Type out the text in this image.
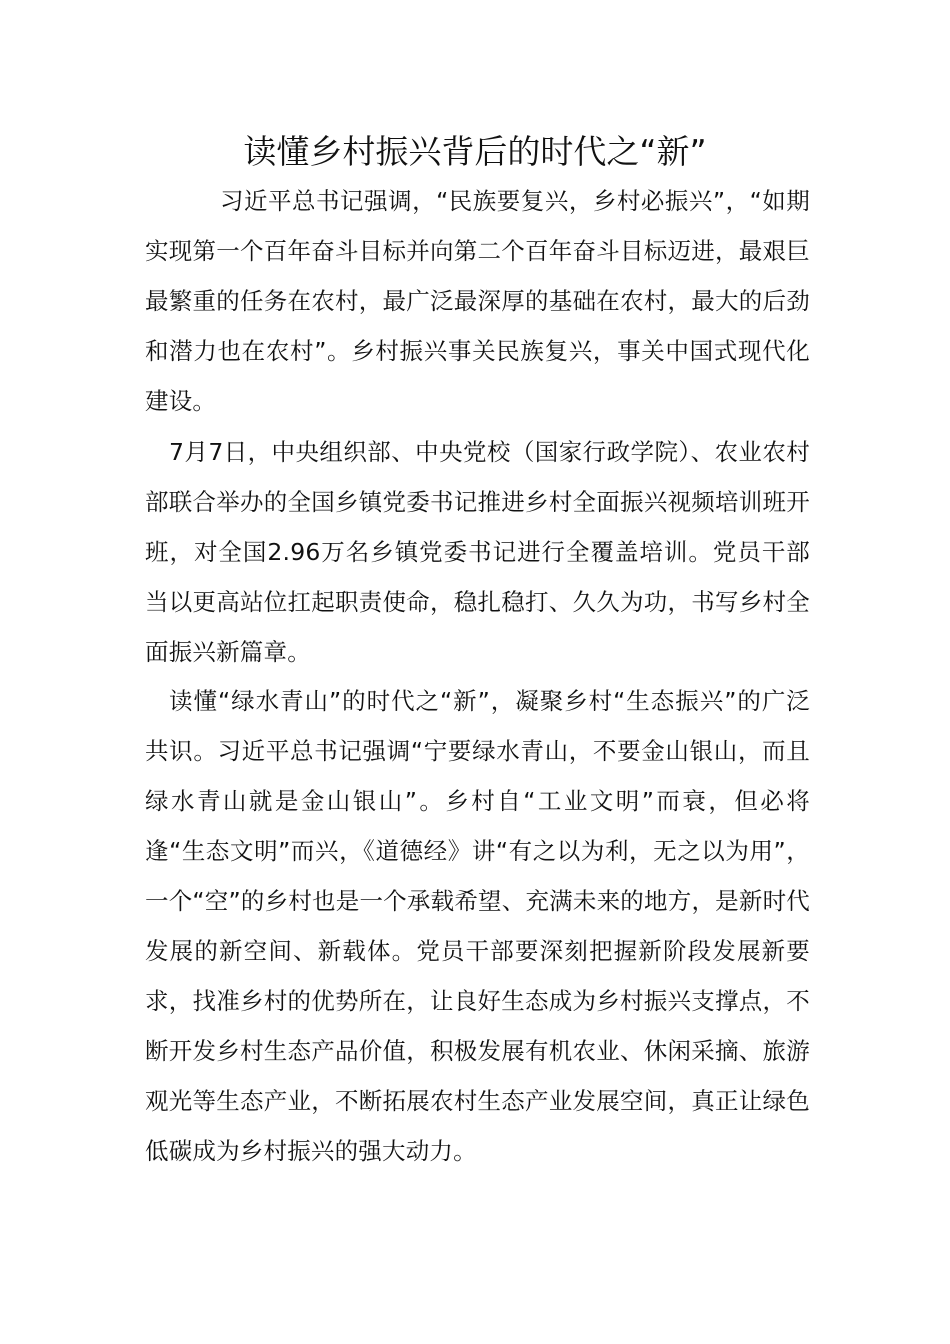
读懂乡村振兴背后的时代之“新”

习近平总书记强调，“民族要复兴，乡村必振兴”，“如期实现第一个百年奋斗目标并向第二个百年奋斗目标迈进，最艰巨最繁重的任务在农村，最广泛最深厚的基础在农村，最大的后劲和潜力也在农村”。乡村振兴事关民族复兴，事关中国式现代化建设。

7月7日，中央组织部、中央党校（国家行政学院）、农业农村部联合举办的全国乡镇党委书记推进乡村全面振兴视频培训班开班，对全国2.96万名乡镇党委书记进行全覆盖培训。党员干部当以更高站位扛起职责使命，稳扎稳打、久久为功，书写乡村全面振兴新篇章。

读懂“绿水青山”的时代之“新”，凝聚乡村“生态振兴”的广泛共识。习近平总书记强调“宁要绿水青山，不要金山银山，而且绿水青山就是金山银山”。乡村自“工业文明”而衰，但必将逢“生态文明”而兴，《道德经》讲“有之以为利，无之以为用”，一个“空”的乡村也是一个承载希望、充满未来的地方，是新时代发展的新空间、新载体。党员干部要深刻把握新阶段发展新要求，找准乡村的优势所在，让良好生态成为乡村振兴支撑点，不断开发乡村生态产品价值，积极发展有机农业、休闲采摘、旅游观光等生态产业，不断拓展农村生态产业发展空间，真正让绿色低碳成为乡村振兴的强大动力。
